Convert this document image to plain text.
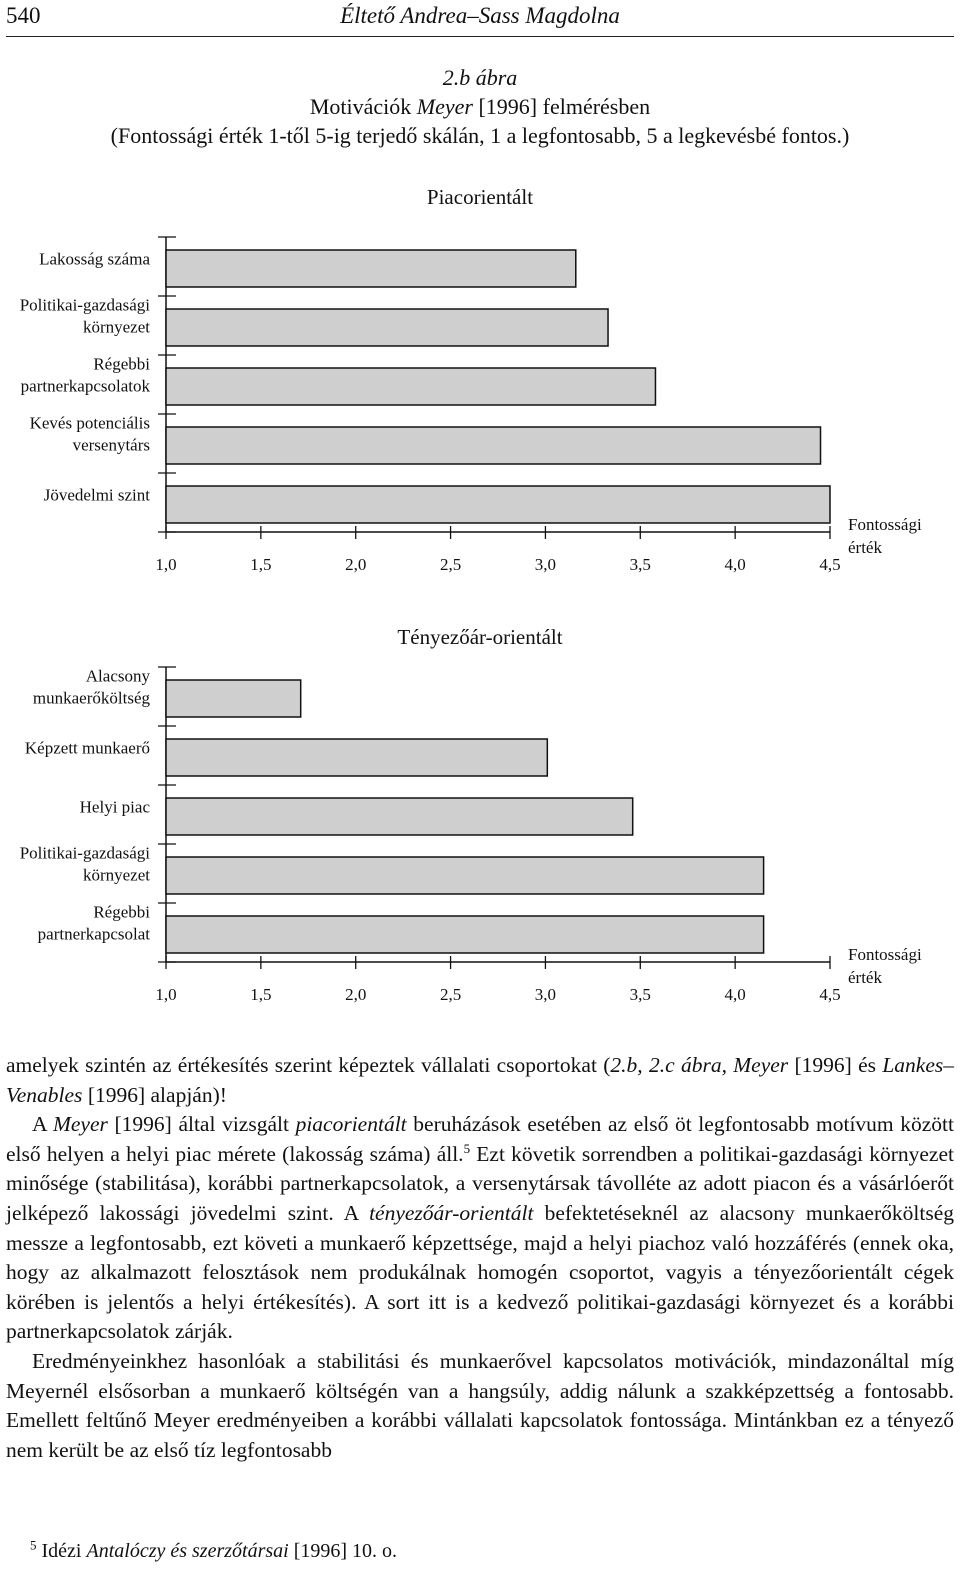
540	Éltető Andrea–Sass Magdolna
2.b ábra
Motivációk Meyer [1996] felmérésben
(Fontossági érték 1-től 5-ig terjedő skálán, 1 a legfontosabb, 5 a legkevésbé fontos.)
Piacorientált
Lakosság száma
Politikai-gazdasági
környezet
Régebbi
partnerkapcsolatok
Kevés potenciális
versenytárs
Jövedelmi szint
1,0	1,5	2,0	2,5	3,0	3,5	4,0	4,5
Fontossági
érték
Tényezőár-orientált
Alacsony
munkaerőköltség
Képzett munkaerő
Helyi piac
Politikai-gazdasági
környezet
Régebbi
partnerkapcsolat
1,0	1,5	2,0	2,5	3,0	3,5	4,0	4,5
Fontossági
érték

amelyek szintén az értékesítés szerint képeztek vállalati csoportokat (2.b, 2.c ábra, Meyer [1996] és Lankes–Venables [1996] alapján)!

A Meyer [1996] által vizsgált piacorientált beruházások esetében az első öt legfontosabb motívum között első helyen a helyi piac mérete (lakosság száma) áll.$^5$ Ezt követik sorrendben a politikai-gazdasági környezet minősége (stabilitása), korábbi partnerkapcsolatok, a versenytársak távolléte az adott piacon és a vásárlóerőt jelképező lakossági jövedelmi szint. A tényezőár-orientált befektetéseknél az alacsony munkaerőköltség messze a legfontosabb, ezt követi a munkaerő képzettsége, majd a helyi piachoz való hozzáférés (ennek oka, hogy az alkalmazott felosztások nem produkálnak homogén csoportot, vagyis a tényezőorientált cégek körében is jelentős a helyi értékesítés). A sort itt is a kedvező politikai-gazdasági környezet és a korábbi partnerkapcsolatok zárják.

Eredményeinkhez hasonlóak a stabilitási és munkaerővel kapcsolatos motivációk, mindazonáltal míg Meyernél elsősorban a munkaerő költségén van a hangsúly, addig nálunk a szakképzettség a fontosabb. Emellett feltűnő Meyer eredményeiben a korábbi vállalati kapcsolatok fontossága. Mintánkban ez a tényező nem került be az első tíz legfontosabb

$^5$ Idézi Antalóczy és szerzőtársai [1996] 10. o.
